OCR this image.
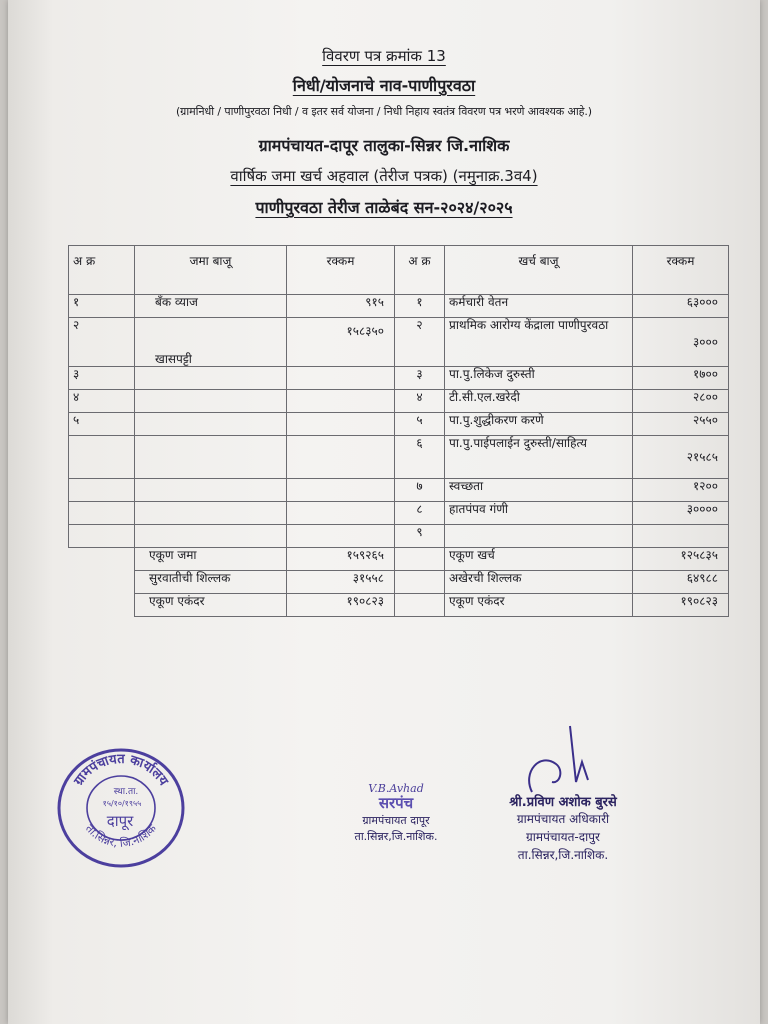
विवरण पत्र क्रमांक 13
निधी/योजनाचे नाव-पाणीपुरवठा
(ग्रामनिधी / पाणीपुरवठा निधी / व इतर सर्व योजना / निधी निहाय स्वतंत्र विवरण पत्र भरणे आवश्यक आहे.)
ग्रामपंचायत-दापूर तालुका-सिन्नर जि.नाशिक
वार्षिक जमा खर्च अहवाल (तेरीज पत्रक) (नमुनाक्र.3व4)
पाणीपुरवठा तेरीज ताळेबंद सन-२०२४/२०२५
अ क्र	जमा बाजू	रक्कम	अ क्र	खर्च बाजू	रक्कम
१	बँक व्याज	९१५	१	कर्मचारी वेतन	६३०००
२	खासपट्टी	१५८३५०	२	प्राथमिक आरोग्य केंद्राला पाणीपुरवठा	३०००
३			३	पा.पु.लिकेज दुरुस्ती	१७००
४			४	टी.सी.एल.खरेदी	२८००
५			५	पा.पु.शुद्धीकरण करणे	२५५०
			६	पा.पु.पाईपलाईन दुरुस्ती/साहित्य	२१५८५
			७	स्वच्छता	१२००
			८	हातपंपव गंणी	३००००
			९		
	एकूण जमा	१५९२६५		एकूण खर्च	१२५८३५
	सुरवातीची शिल्लक	३१५५८		अखेरची शिल्लक	६४९८८
	एकूण एकंदर	१९०८२३		एकूण एकंदर	१९०८२३
ग्रामपंचायत कार्यालय
ता.सिन्नर, जि.नाशिक
स्था.ता.
१५/१०/१९५५
दापूर
V.B.Avhad
सरपंच
ग्रामपंचायत दापूर
ता.सिन्नर,जि.नाशिक.
श्री.प्रविण अशोक बुरसे
ग्रामपंचायत अधिकारी
ग्रामपंचायत-दापुर
ता.सिन्नर,जि.नाशिक.
